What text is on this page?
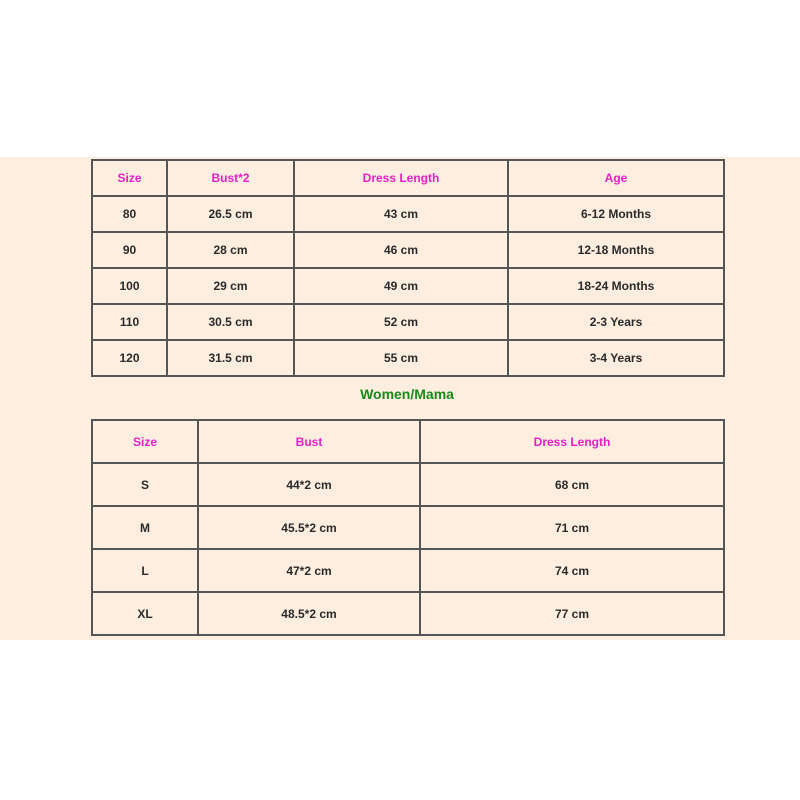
Size	Bust*2	Dress Length	Age
80	26.5 cm	43 cm	6-12 Months
90	28 cm	46 cm	12-18 Months
100	29 cm	49 cm	18-24 Months
110	30.5 cm	52 cm	2-3 Years
120	31.5 cm	55 cm	3-4 Years
Women/Mama
Size	Bust	Dress Length
S	44*2 cm	68 cm
M	45.5*2 cm	71 cm
L	47*2 cm	74 cm
XL	48.5*2 cm	77 cm
